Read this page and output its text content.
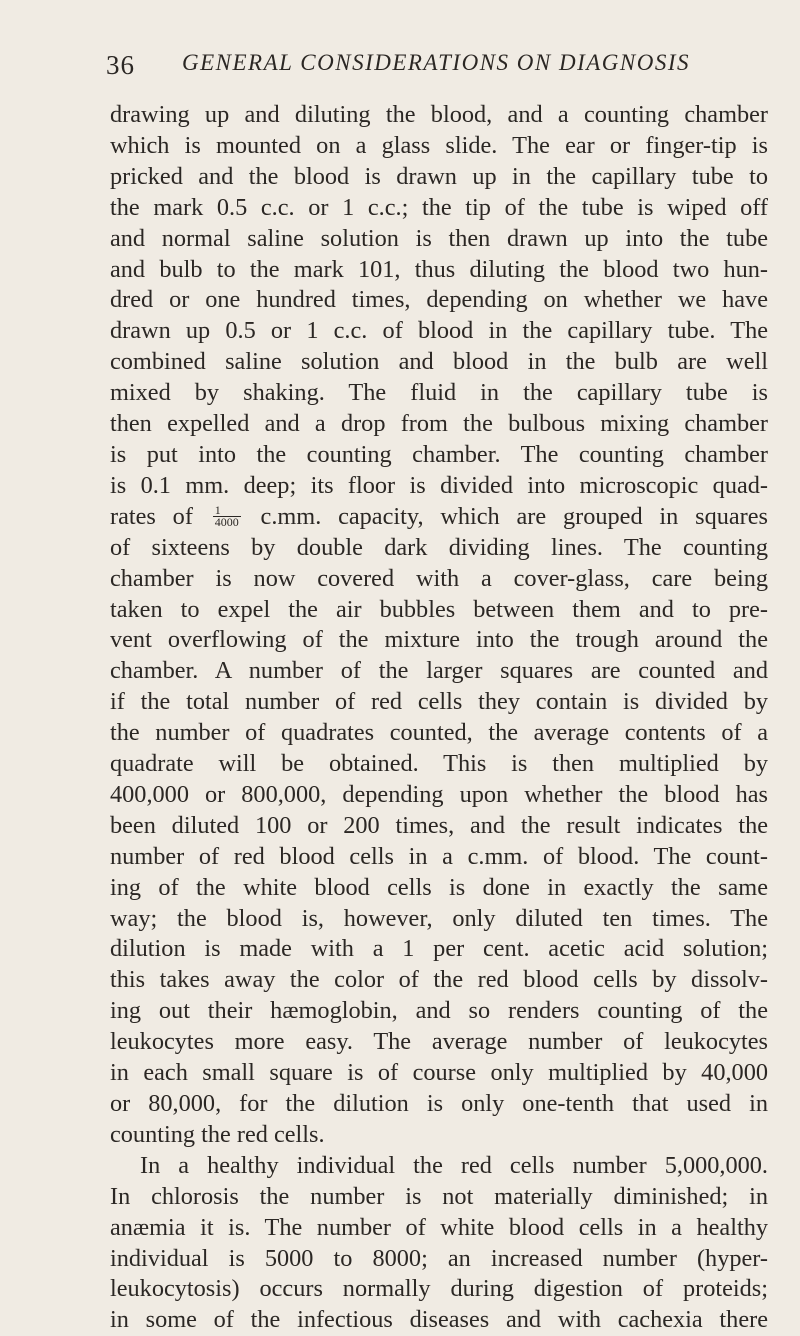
36 GENERAL CONSIDERATIONS ON DIAGNOSIS
drawing up and diluting the blood, and a counting chamber
which is mounted on a glass slide. The ear or finger-tip is
pricked and the blood is drawn up in the capillary tube to
the mark 0.5 c.c. or 1 c.c.; the tip of the tube is wiped off
and normal saline solution is then drawn up into the tube
and bulb to the mark 101, thus diluting the blood two hun-
dred or one hundred times, depending on whether we have
drawn up 0.5 or 1 c.c. of blood in the capillary tube. The
combined saline solution and blood in the bulb are well
mixed by shaking. The fluid in the capillary tube is
then expelled and a drop from the bulbous mixing chamber
is put into the counting chamber. The counting chamber
is 0.1 mm. deep; its floor is divided into microscopic quad-
rates of $\frac{1}{4000} c.mm$. capacity, which are grouped in squares
of sixteens by double dark dividing lines. The counting
chamber is now covered with a cover-glass, care being
taken to expel the air bubbles between them and to pre-
vent overflowing of the mixture into the trough around the
chamber. A number of the larger squares are counted and
if the total number of red cells they contain is divided by
the number of quadrates counted, the average contents of a
quadrate will be obtained. This is then multiplied by
400,000 or 800,000, depending upon whether the blood has
been diluted 100 or 200 times, and the result indicates the
number of red blood cells in a c.mm. of blood. The count-
ing of the white blood cells is done in exactly the same
way; the blood is, however, only diluted ten times. The
dilution is made with a 1 per cent. acetic acid solution;
this takes away the color of the red blood cells by dissolv-
ing out their hæmoglobin, and so renders counting of the
leukocytes more easy. The average number of leukocytes
in each small square is of course only multiplied by 40,000
or 80,000, for the dilution is only one-tenth that used in
counting the red cells.
In a healthy individual the red cells number 5,000,000.
In chlorosis the number is not materially diminished; in
anæmia it is. The number of white blood cells in a healthy
individual is 5000 to 8000; an increased number (hyper-
leukocytosis) occurs normally during digestion of proteids;
in some of the infectious diseases and with cachexia there
